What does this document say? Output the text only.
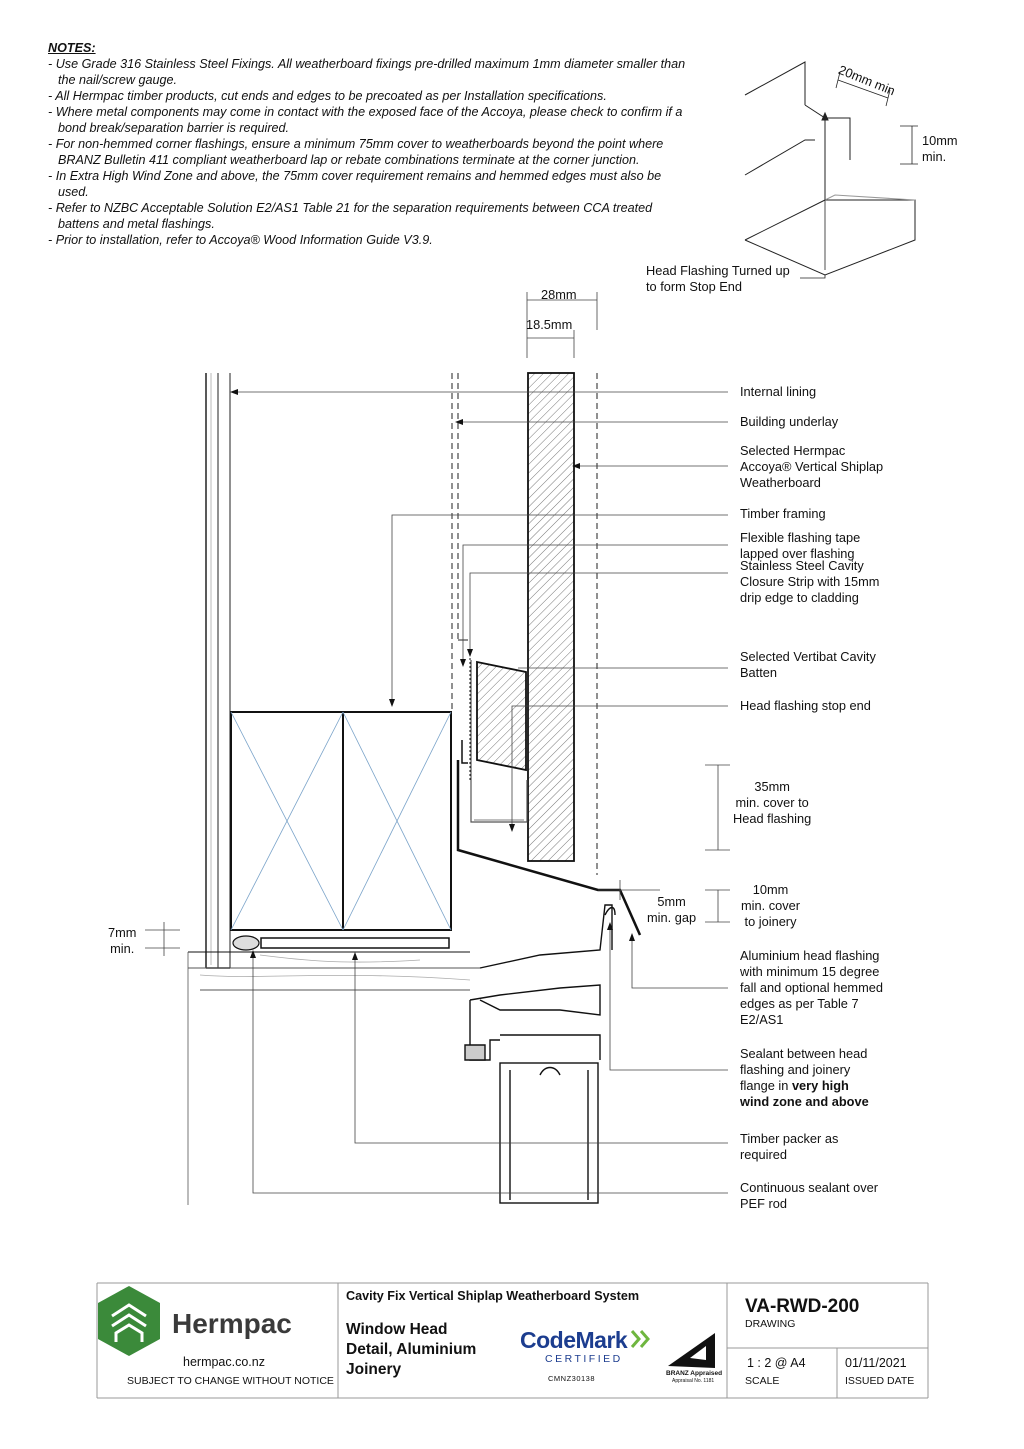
NOTES:
- Use Grade 316 Stainless Steel Fixings. All weatherboard fixings pre-drilled maximum 1mm diameter smaller than the nail/screw gauge.
- All Hermpac timber products, cut ends and edges to be precoated as per Installation specifications.
- Where metal components may come in contact with the exposed face of the Accoya, please check to confirm if a bond break/separation barrier is required.
- For non-hemmed corner flashings, ensure a minimum 75mm cover to weatherboards beyond the point where BRANZ Bulletin 411 compliant weatherboard lap or rebate combinations terminate at the corner junction.
- In Extra High Wind Zone and above, the 75mm cover requirement remains and hemmed edges must also be used.
- Refer to NZBC Acceptable Solution E2/AS1 Table 21 for the separation requirements between CCA treated battens and metal flashings.
- Prior to installation, refer to Accoya® Wood Information Guide V3.9.
20mm min
10mm
min.
Head Flashing Turned up
to form Stop End
28mm
18.5mm
7mm
min.
35mm
min. cover to
Head flashing
5mm
min. gap
10mm
min. cover
to joinery
Internal lining
Building underlay
Selected Hermpac
Accoya® Vertical Shiplap
Weatherboard
Timber framing
Flexible flashing tape
lapped over flashing
Stainless Steel Cavity
Closure Strip with 15mm
drip edge to cladding
Selected Vertibat Cavity
Batten
Head flashing stop end
Aluminium head flashing
with minimum 15 degree
fall and optional hemmed
edges as per Table 7
E2/AS1
Sealant between head
flashing and joinery
flange in very high
wind zone and above
Timber packer as
required
Continuous sealant over
PEF rod
Hermpac
hermpac.co.nz
SUBJECT TO CHANGE WITHOUT NOTICE
Cavity Fix Vertical Shiplap Weatherboard System
Window Head
Detail, Aluminium
Joinery
CodeMark
CERTIFIED
CMNZ30138
BRANZ Appraised
Appraisal No. 1181
VA-RWD-200
DRAWING
1 : 2 @ A4
SCALE
01/11/2021
ISSUED DATE
